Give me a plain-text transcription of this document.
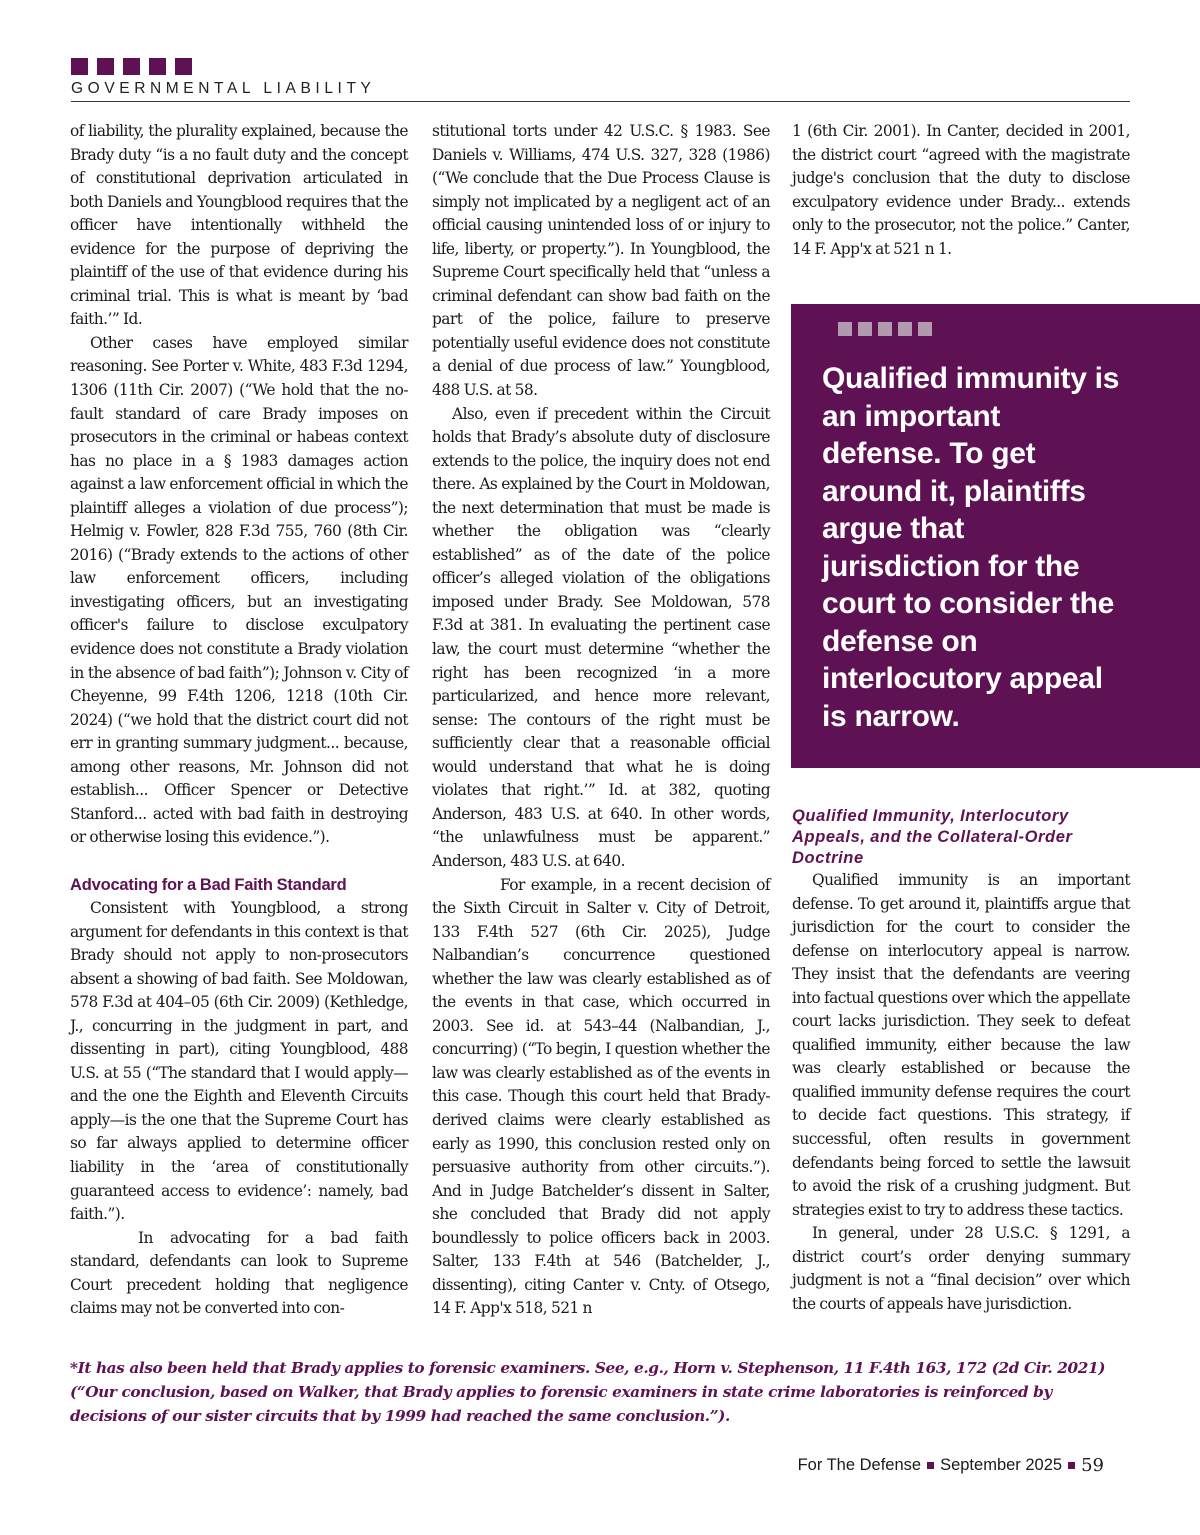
GOVERNMENTAL LIABILITY

of liability, the plurality explained, because the Brady duty “is a no fault duty and the concept of constitutional deprivation articulated in both Daniels and Youngblood requires that the officer have intentionally withheld the evidence for the purpose of depriving the plaintiff of the use of that evidence during his criminal trial. This is what is meant by ‘bad faith.’” Id.

Other cases have employed similar reasoning. See Porter v. White, 483 F.3d 1294, 1306 (11th Cir. 2007) (“We hold that the no-fault standard of care Brady imposes on prosecutors in the criminal or habeas context has no place in a § 1983 damages action against a law enforcement official in which the plaintiff alleges a violation of due process”); Helmig v. Fowler, 828 F.3d 755, 760 (8th Cir. 2016) (“Brady extends to the actions of other law enforcement officers, including investigating officers, but an investigating officer's failure to disclose exculpatory evidence does not constitute a Brady violation in the absence of bad faith”); Johnson v. City of Cheyenne, 99 F.4th 1206, 1218 (10th Cir. 2024) (“we hold that the district court did not err in granting summary judgment... because, among other reasons, Mr. Johnson did not establish... Officer Spencer or Detective Stanford... acted with bad faith in destroying or otherwise losing this evidence.”).

Advocating for a Bad Faith Standard

Consistent with Youngblood, a strong argument for defendants in this context is that Brady should not apply to non-prosecutors absent a showing of bad faith. See Moldowan, 578 F.3d at 404–05 (6th Cir. 2009) (Kethledge, J., concurring in the judgment in part, and dissenting in part), citing Youngblood, 488 U.S. at 55 (“The standard that I would apply—and the one the Eighth and Eleventh Circuits apply—is the one that the Supreme Court has so far always applied to determine officer liability in the ‘area of constitutionally guaranteed access to evidence’: namely, bad faith.”).

In advocating for a bad faith standard, defendants can look to Supreme Court precedent holding that negligence claims may not be converted into con-

stitutional torts under 42 U.S.C. § 1983. See Daniels v. Williams, 474 U.S. 327, 328 (1986) (“We conclude that the Due Process Clause is simply not implicated by a negligent act of an official causing unintended loss of or injury to life, liberty, or property.”). In Youngblood, the Supreme Court specifically held that “unless a criminal defendant can show bad faith on the part of the police, failure to preserve potentially useful evidence does not constitute a denial of due process of law.” Youngblood, 488 U.S. at 58.

Also, even if precedent within the Circuit holds that Brady’s absolute duty of disclosure extends to the police, the inquiry does not end there. As explained by the Court in Moldowan, the next determination that must be made is whether the obligation was “clearly established” as of the date of the police officer’s alleged violation of the obligations imposed under Brady. See Moldowan, 578 F.3d at 381. In evaluating the pertinent case law, the court must determine “whether the right has been recognized ‘in a more particularized, and hence more relevant, sense: The contours of the right must be sufficiently clear that a reasonable official would understand that what he is doing violates that right.’” Id. at 382, quoting Anderson, 483 U.S. at 640. In other words, “the unlawfulness must be apparent.” Anderson, 483 U.S. at 640.

For example, in a recent decision of the Sixth Circuit in Salter v. City of Detroit, 133 F.4th 527 (6th Cir. 2025), Judge Nalbandian’s concurrence questioned whether the law was clearly established as of the events in that case, which occurred in 2003. See id. at 543–44 (Nalbandian, J., concurring) (“To begin, I question whether the law was clearly established as of the events in this case. Though this court held that Brady-derived claims were clearly established as early as 1990, this conclusion rested only on persuasive authority from other circuits.”). And in Judge Batchelder’s dissent in Salter, she concluded that Brady did not apply boundlessly to police officers back in 2003. Salter, 133 F.4th at 546 (Batchelder, J., dissenting), citing Canter v. Cnty. of Otsego, 14 F. App'x 518, 521 n

1 (6th Cir. 2001). In Canter, decided in 2001, the district court “agreed with the magistrate judge's conclusion that the duty to disclose exculpatory evidence under Brady... extends only to the prosecutor, not the police.” Canter, 14 F. App'x at 521 n 1.

Qualified immunity is an important defense. To get around it, plaintiffs argue that jurisdiction for the court to consider the defense on interlocutory appeal is narrow.
Qualified Immunity, Interlocutory Appeals, and the Collateral-Order Doctrine

Qualified immunity is an important defense. To get around it, plaintiffs argue that jurisdiction for the court to consider the defense on interlocutory appeal is narrow. They insist that the defendants are veering into factual questions over which the appellate court lacks jurisdiction. They seek to defeat qualified immunity, either because the law was clearly established or because the qualified immunity defense requires the court to decide fact questions. This strategy, if successful, often results in government defendants being forced to settle the lawsuit to avoid the risk of a crushing judgment. But strategies exist to try to address these tactics.

In general, under 28 U.S.C. § 1291, a district court’s order denying summary judgment is not a “final decision” over which the courts of appeals have jurisdiction.

*It has also been held that Brady applies to forensic examiners. See, e.g., Horn v. Stephenson, 11 F.4th 163, 172 (2d Cir. 2021) (“Our conclusion, based on Walker, that Brady applies to forensic examiners in state crime laboratories is reinforced by decisions of our sister circuits that by 1999 had reached the same conclusion.”).
For The Defense September 2025 59
